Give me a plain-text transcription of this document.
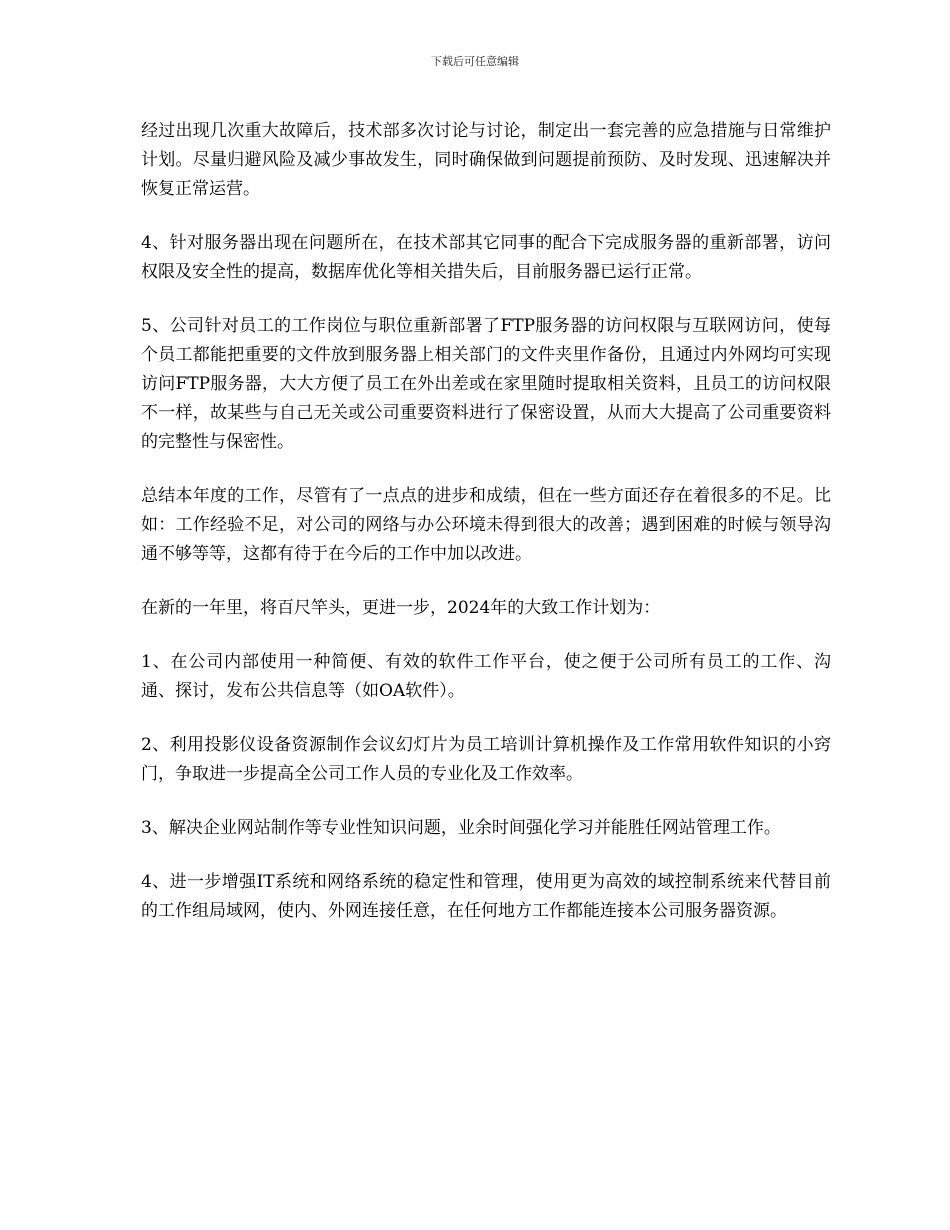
下载后可任意编辑

经过出现几次重大故障后，技术部多次讨论与讨论，制定出一套完善的应急措施与日常维护计划。尽量归避风险及减少事故发生，同时确保做到问题提前预防、及时发现、迅速解决并恢复正常运营。

4、针对服务器出现在问题所在，在技术部其它同事的配合下完成服务器的重新部署，访问权限及安全性的提高，数据库优化等相关措失后，目前服务器已运行正常。

5、公司针对员工的工作岗位与职位重新部署了FTP服务器的访问权限与互联网访问，使每个员工都能把重要的文件放到服务器上相关部门的文件夹里作备份，且通过内外网均可实现访问FTP服务器，大大方便了员工在外出差或在家里随时提取相关资料，且员工的访问权限不一样，故某些与自己无关或公司重要资料进行了保密设置，从而大大提高了公司重要资料的完整性与保密性。

总结本年度的工作，尽管有了一点点的进步和成绩，但在一些方面还存在着很多的不足。比如：工作经验不足，对公司的网络与办公环境未得到很大的改善；遇到困难的时候与领导沟通不够等等，这都有待于在今后的工作中加以改进。

在新的一年里，将百尺竿头，更进一步，2024年的大致工作计划为：

1、在公司内部使用一种简便、有效的软件工作平台，使之便于公司所有员工的工作、沟通、探讨，发布公共信息等（如OA软件）。

2、利用投影仪设备资源制作会议幻灯片为员工培训计算机操作及工作常用软件知识的小窍门，争取进一步提高全公司工作人员的专业化及工作效率。

3、解决企业网站制作等专业性知识问题，业余时间强化学习并能胜任网站管理工作。

4、进一步增强IT系统和网络系统的稳定性和管理，使用更为高效的域控制系统来代替目前的工作组局域网，使内、外网连接任意，在任何地方工作都能连接本公司服务器资源。
